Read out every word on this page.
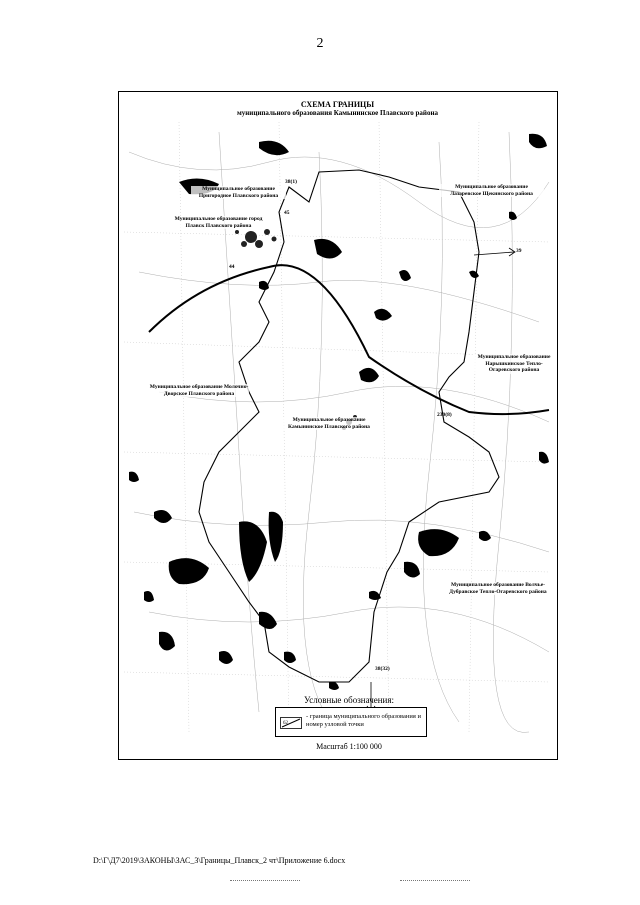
2
СХЕМА ГРАНИЦЫ
муниципального образования Камынинское Плавского района
Муниципальное образование Пригородное Плавского района
Муниципальное образование город Плавск Плавского района
Муниципальное образование Лазаревское Щекинского района
Муниципальное образование Молочно-Дворское Плавского района
Муниципальное образование Камынинское Плавского района
Муниципальное образование Нарышкинское Тепло-Огаревского района
Муниципальное образование Волчье-Дубравское Тепло-Огаревского района
38(1)
45
44
39
230(8)
38(32)
Условные обозначения:
62
- граница муниципального образования и номер узловой точки
Масштаб 1:100 000
D:\Г\Д7\2019\ЗАКОНЫ\ЗАС_3\Границы_Плавск_2 чт\Приложение 6.docx
